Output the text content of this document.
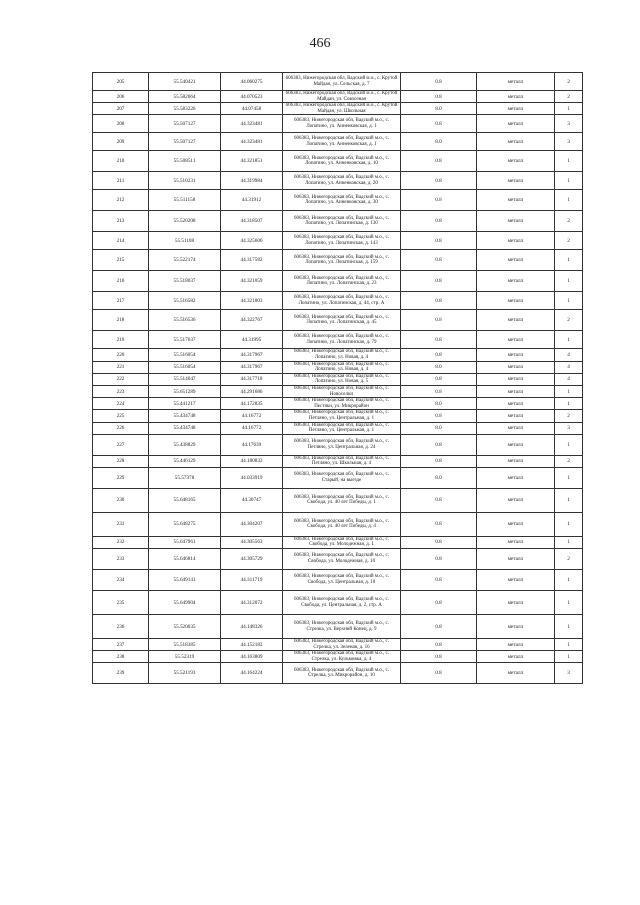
466
205	55.540421	44.060275	606383, Нижегородская обл, Вадский м.о., с. Крутой Майдан, ул. Сельская, д. 7	0.8	металл	2
206	55.582664	44.070523	606383, Нижегородская обл, Вадский м.о., с. Крутой Майдан, ул. Совхозная	0.8	металл	2
207	55.583226	44.07458	606383, Нижегородская обл, Вадский м.о., с. Крутой Майдан, ул. Школьная	8.0	металл	1
208	55.507127	44.323481	606383, Нижегородская обл, Вадский м.о., с. Лопатино, ул. Анненковская, д. 1	0.8	металл	3
209	55.507127	44.323481	606383, Нижегородская обл, Вадский м.о., с. Лопатино, ул. Анненковская, д. 1	8.0	металл	3
210	55.508511	44.321851	606383, Нижегородская обл, Вадский м.о., с. Лопатино, ул. Анненковская, д. 10	0.8	металл	1
211	55.510231	44.319984	606383, Нижегородская обл, Вадский м.о., с. Лопатино, ул. Анненковская, д. 20	0.8	металл	1
212	55.511158	44.31912	606383, Нижегородская обл, Вадский м.о., с. Лопатино, ул. Анненковская, д. 30	0.8	металл	1
213	55.520208	44.318507	606383, Нижегородская обл, Вадский м.о., с. Лопатино, ул. Лопатинская, д. 130	0.8	металл	2
214	55.51108	44.325606	606383, Нижегородская обл, Вадский м.о., с. Лопатино, ул. Лопатинская, д. 143	0.8	металл	2
215	55.522174	44.317582	606383, Нижегородская обл, Вадский м.о., с. Лопатино, ул. Лопатинская, д. 159	0.8	металл	1
216	55.518037	44.321059	606383, Нижегородская обл, Вадский м.о., с. Лопатино, ул. Лопатинская, д. 23	0.8	металл	1
217	55.516582	44.321803	606383, Нижегородская обл, Вадский м.о., с. Лопатино, ул. Лопатинская, д. 44, стр. А	0.8	металл	1
218	55.516536	44.322767	606383, Нижегородская обл, Вадский м.о., с. Лопатино, ул. Лопатинская, д. 45	0.8	металл	2
219	55.517637	44.31995	606383, Нижегородская обл, Вадский м.о., с. Лопатино, ул. Лопатинская, д. 79	0.8	металл	1
220	55.516054	44.317967	606383, Нижегородская обл, Вадский м.о., с. Лопатино, ул. Новая, д. 4	0.8	металл	4
221	55.516054	44.317967	606383, Нижегородская обл, Вадский м.о., с. Лопатино, ул. Новая, д. 4	8.0	металл	4
222	55.514647	44.317718	606383, Нижегородская обл, Вадский м.о., с. Лопатино, ул. Новая, д. 5	0.8	металл	4
223	55.651289	44.291686	606383, Нижегородская обл, Вадский м.о., с. Новоселки	0.8	металл	1
224	55.441217	44.172835	606383, Нижегородская обл, Вадский м.о., с. Пестяки, ул. Микрорайон	8.0	металл	1
225	55.434748	44.16772	606383, Нижегородская обл, Вадский м.о., с. Петляно, ул. Центральная, д. 1	0.8	металл	2
226	55.434748	44.16772	606383, Нижегородская обл, Вадский м.о., с. Петляно, ул. Центральная, д. 1	8.0	металл	3
227	55.438829	44.17639	606383, Нижегородская обл, Вадский м.о., с. Петляно, ул. Центральная, д. 24	0.8	металл	1
228	55.446129	44.180833	606383, Нижегородская обл, Вадский м.о., с. Петляно, ул. Школьная, д. 4	0.8	металл	2
229	55.57378	44.033919	606383, Нижегородская обл, Вадский м.о., с. Старый, на выезде	8.0	металл	1
230	55.648165	44.30747	606383, Нижегородская обл, Вадский м.о., с. Свобода, ул. 40 лет Победы, д. 1	0.8	металл	1
231	55.648275	44.304207	606383, Нижегородская обл, Вадский м.о., с. Свобода, ул. 40 лет Победы, д. 4	0.8	металл	1
232	55.647961	44.305563	606383, Нижегородская обл, Вадский м.о., с. Свобода, ул. Молодежная, д. 1	0.8	металл	1
233	55.646814	44.305729	606383, Нижегородская обл, Вадский м.о., с. Свобода, ул. Молодежная, д. 10	0.8	металл	2
234	55.649141	44.311719	606383, Нижегородская обл, Вадский м.о., с. Свобода, ул. Центральная, д. 10	0.8	металл	1
235	55.649904	44.312072	606383, Нижегородская обл, Вадский м.о., с. Свобода, ул. Центральная, д. 2, стр. А	0.8	металл	1
236	55.520035	44.148326	606383, Нижегородская обл, Вадский м.о., с. Стрелка, ул. Верхний Конец, д. 9	0.8	металл	1
237	55.518385	44.152183	606383, Нижегородская обл, Вадский м.о., с. Стрелка, ул. Зеленая, д. 16	0.8	металл	1
238	55.52319	44.163809	606383, Нижегородская обл, Вадский м.о., с. Стрелка, ул. Кульмовка, д. 4	0.8	металл	1
239	55.521193	44.164224	606383, Нижегородская обл, Вадский м.о., с. Стрелка, ул. Микрорайон, д. 10	0.8	металл	3
